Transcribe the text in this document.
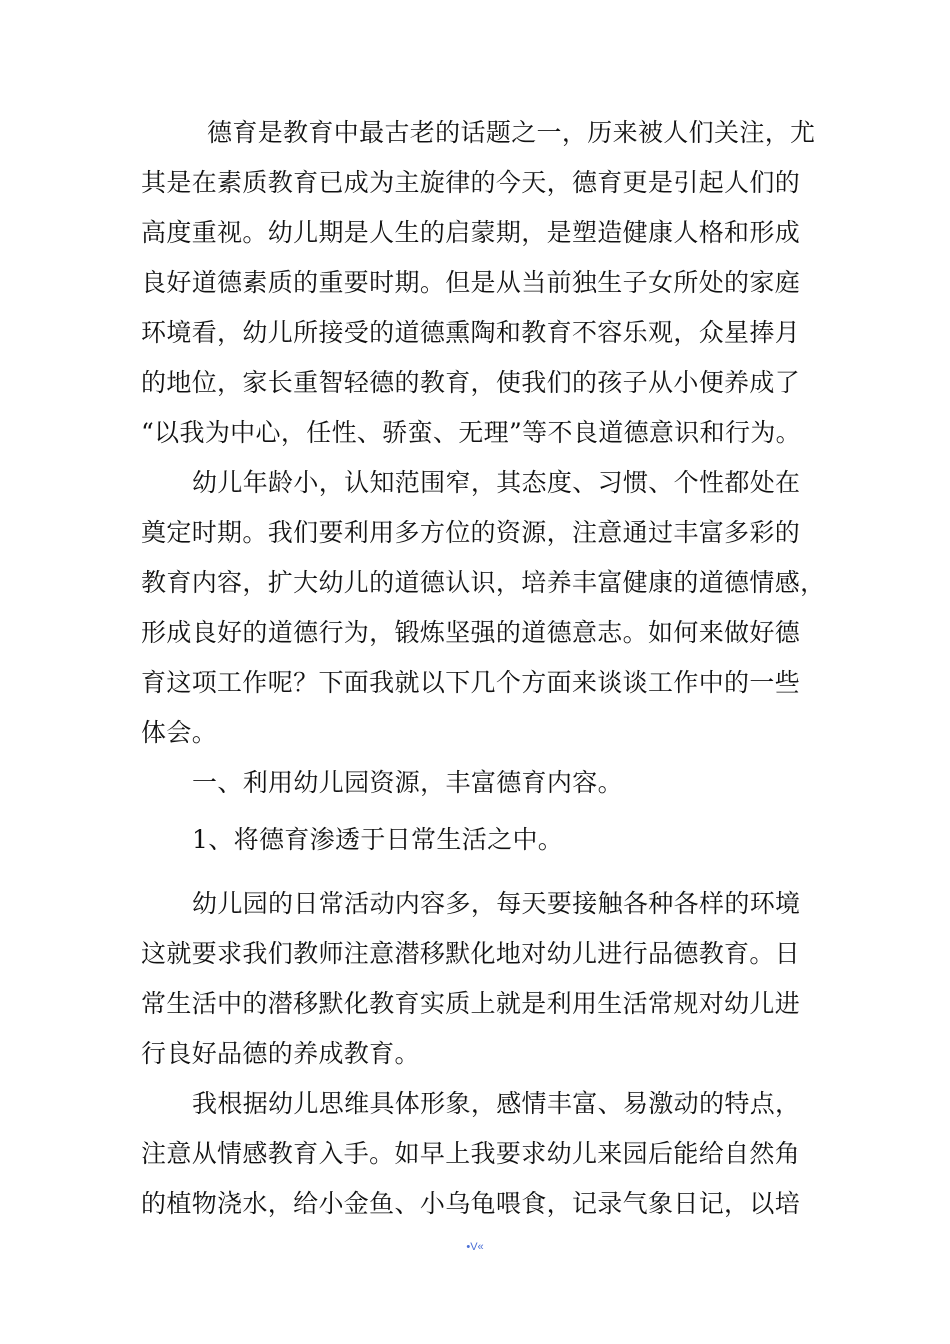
德育是教育中最古老的话题之一，历来被人们关注，尤
其是在素质教育已成为主旋律的今天，德育更是引起人们的
高度重视。幼儿期是人生的启蒙期，是塑造健康人格和形成
良好道德素质的重要时期。但是从当前独生子女所处的家庭
环境看，幼儿所接受的道德熏陶和教育不容乐观，众星捧月
的地位，家长重智轻德的教育，使我们的孩子从小便养成了
“以我为中心，任性、骄蛮、无理”等不良道德意识和行为。
幼儿年龄小，认知范围窄，其态度、习惯、个性都处在
奠定时期。我们要利用多方位的资源，注意通过丰富多彩的
教育内容，扩大幼儿的道德认识，培养丰富健康的道德情感，
形成良好的道德行为，锻炼坚强的道德意志。如何来做好德
育这项工作呢？下面我就以下几个方面来谈谈工作中的一些
体会。
一、利用幼儿园资源，丰富德育内容。
1、将德育渗透于日常生活之中。
幼儿园的日常活动内容多，每天要接触各种各样的环境
这就要求我们教师注意潜移默化地对幼儿进行品德教育。日
常生活中的潜移默化教育实质上就是利用生活常规对幼儿进
行良好品德的养成教育。
我根据幼儿思维具体形象，感情丰富、易激动的特点，
注意从情感教育入手。如早上我要求幼儿来园后能给自然角
的植物浇水，给小金鱼、小乌龟喂食，记录气象日记，以培
•V«
